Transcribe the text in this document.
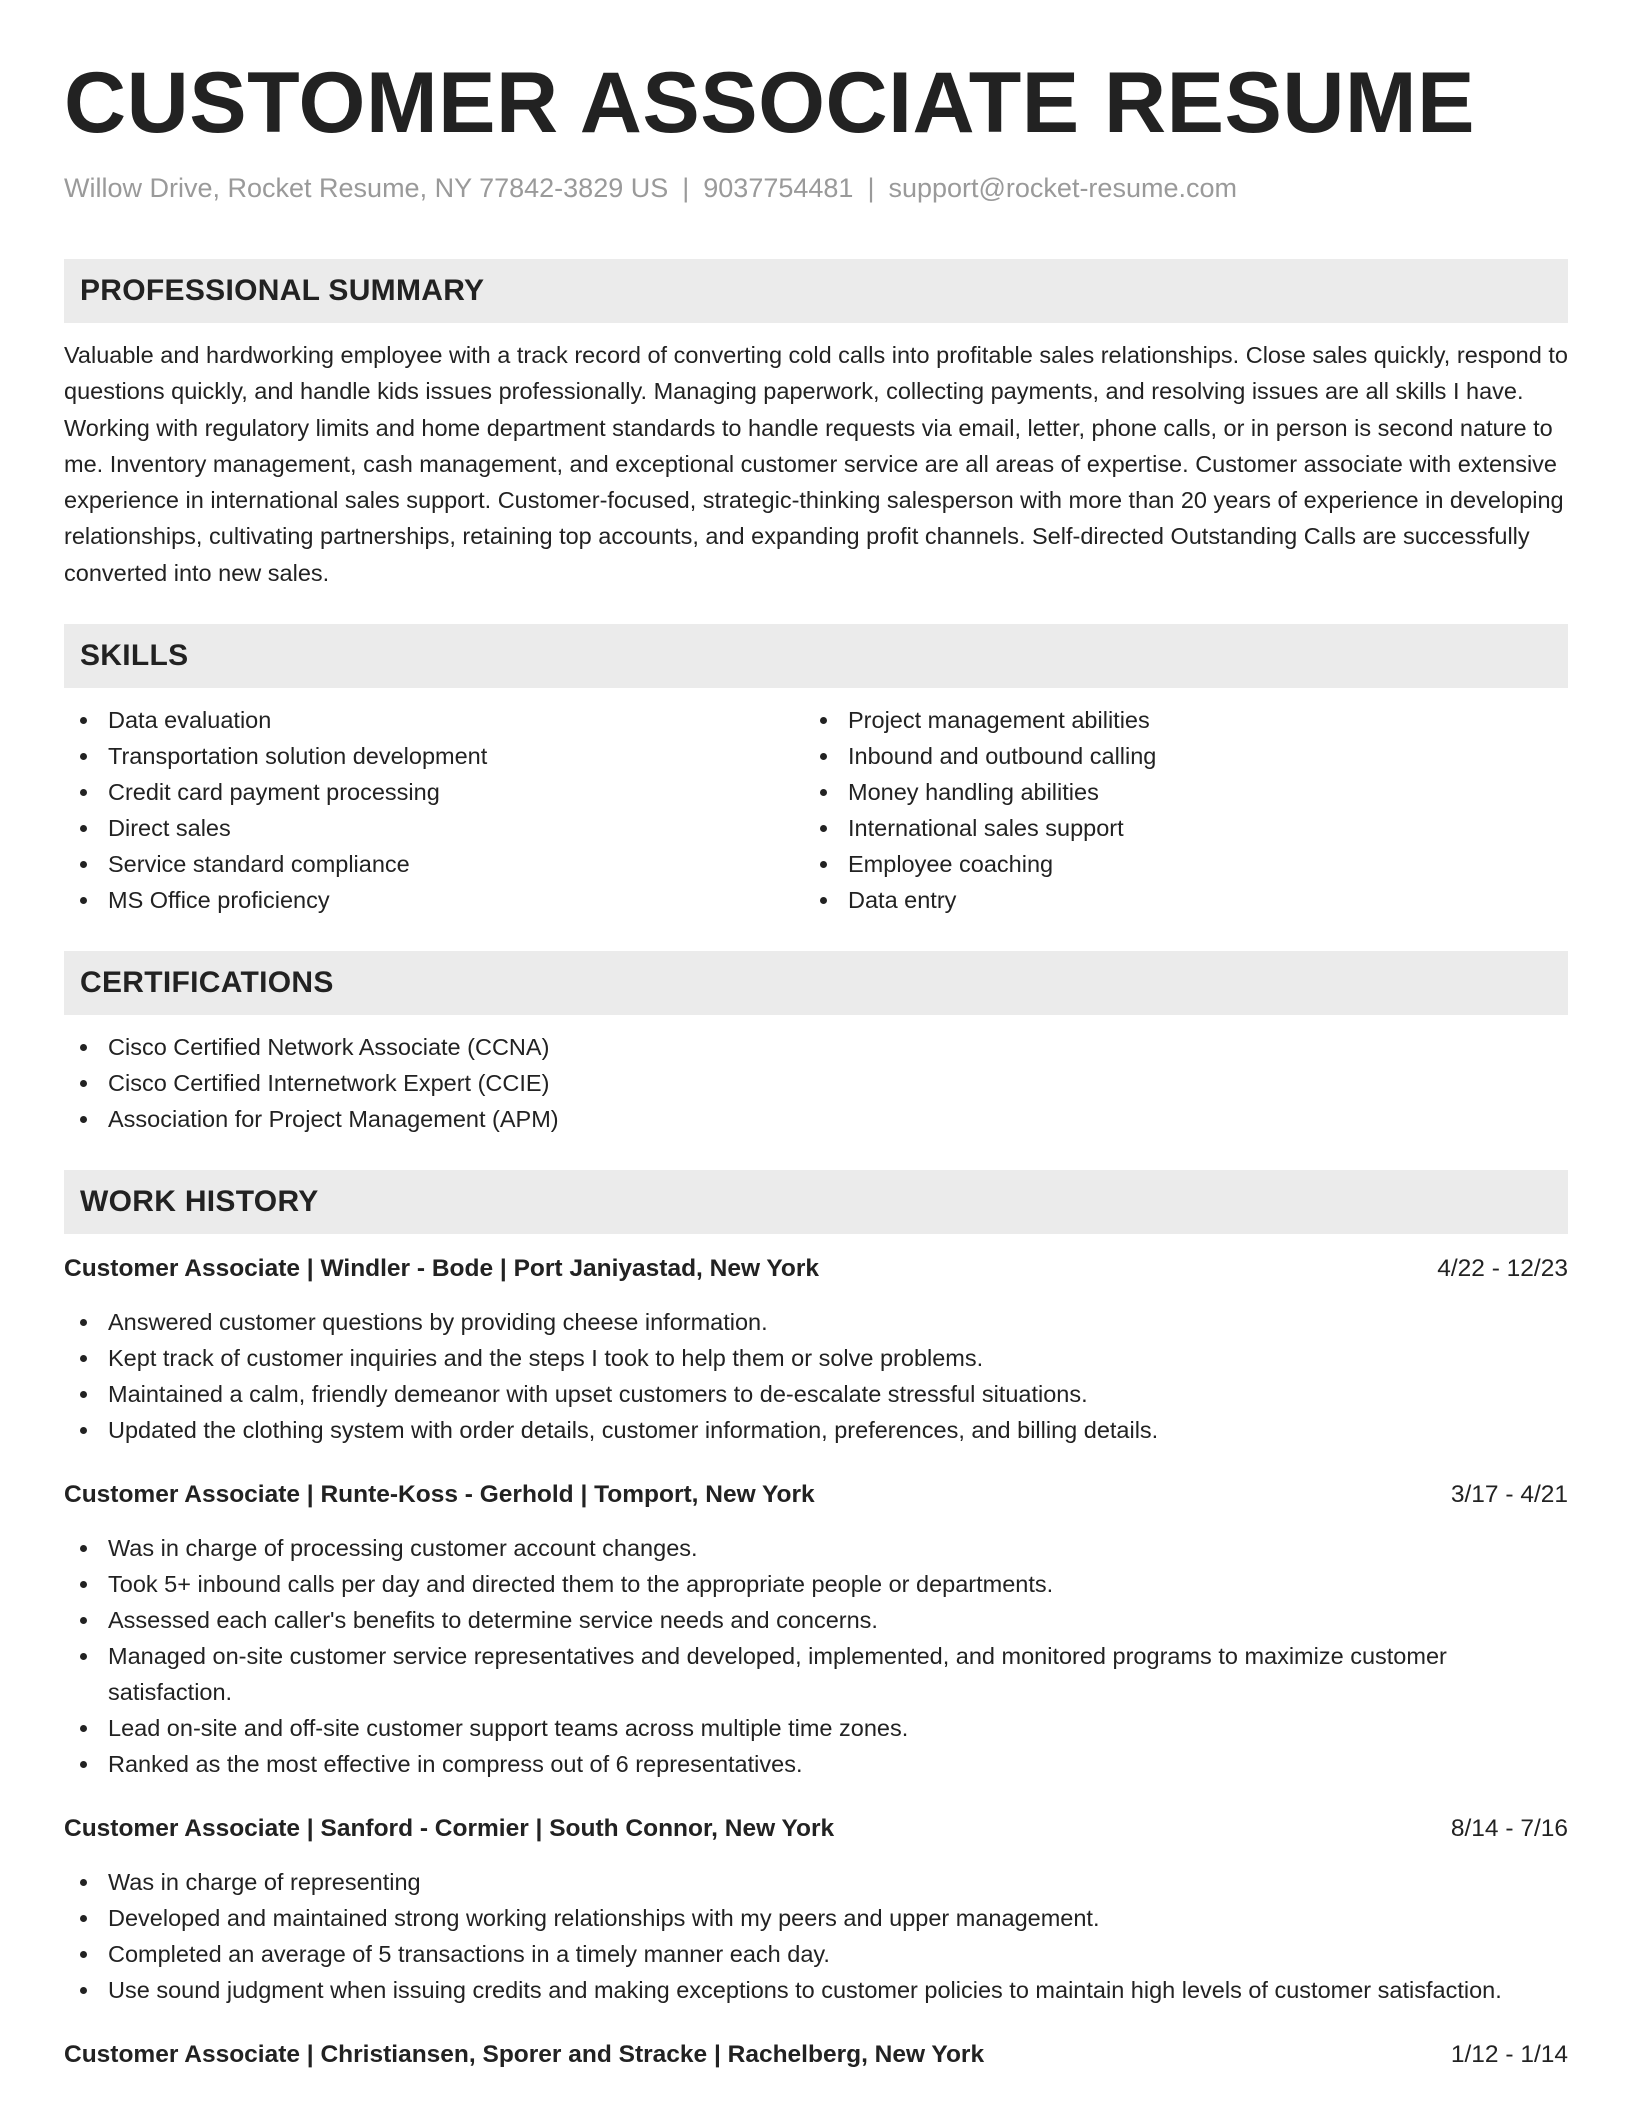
CUSTOMER ASSOCIATE RESUME
Willow Drive, Rocket Resume, NY 77842-3829 US | 9037754481 | support@rocket-resume.com
PROFESSIONAL SUMMARY

Valuable and hardworking employee with a track record of converting cold calls into profitable sales relationships. Close sales quickly, respond to questions quickly, and handle kids issues professionally. Managing paperwork, collecting payments, and resolving issues are all skills I have. Working with regulatory limits and home department standards to handle requests via email, letter, phone calls, or in person is second nature to me. Inventory management, cash management, and exceptional customer service are all areas of expertise. Customer associate with extensive experience in international sales support. Customer-focused, strategic-thinking salesperson with more than 20 years of experience in developing relationships, cultivating partnerships, retaining top accounts, and expanding profit channels. Self-directed Outstanding Calls are successfully converted into new sales.

SKILLS
Data evaluation
Transportation solution development
Credit card payment processing
Direct sales
Service standard compliance
MS Office proficiency
Project management abilities
Inbound and outbound calling
Money handling abilities
International sales support
Employee coaching
Data entry
CERTIFICATIONS
Cisco Certified Network Associate (CCNA)
Cisco Certified Internetwork Expert (CCIE)
Association for Project Management (APM)
WORK HISTORY
Customer Associate | Windler - Bode | Port Janiyastad, New York	4/22 - 12/23
Answered customer questions by providing cheese information.
Kept track of customer inquiries and the steps I took to help them or solve problems.
Maintained a calm, friendly demeanor with upset customers to de-escalate stressful situations.
Updated the clothing system with order details, customer information, preferences, and billing details.
Customer Associate | Runte-Koss - Gerhold | Tomport, New York	3/17 - 4/21
Was in charge of processing customer account changes.
Took 5+ inbound calls per day and directed them to the appropriate people or departments.
Assessed each caller's benefits to determine service needs and concerns.
Managed on-site customer service representatives and developed, implemented, and monitored programs to maximize customer satisfaction.
Lead on-site and off-site customer support teams across multiple time zones.
Ranked as the most effective in compress out of 6 representatives.
Customer Associate | Sanford - Cormier | South Connor, New York	8/14 - 7/16
Was in charge of representing
Developed and maintained strong working relationships with my peers and upper management.
Completed an average of 5 transactions in a timely manner each day.
Use sound judgment when issuing credits and making exceptions to customer policies to maintain high levels of customer satisfaction.
Customer Associate | Christiansen, Sporer and Stracke | Rachelberg, New York	1/12 - 1/14
